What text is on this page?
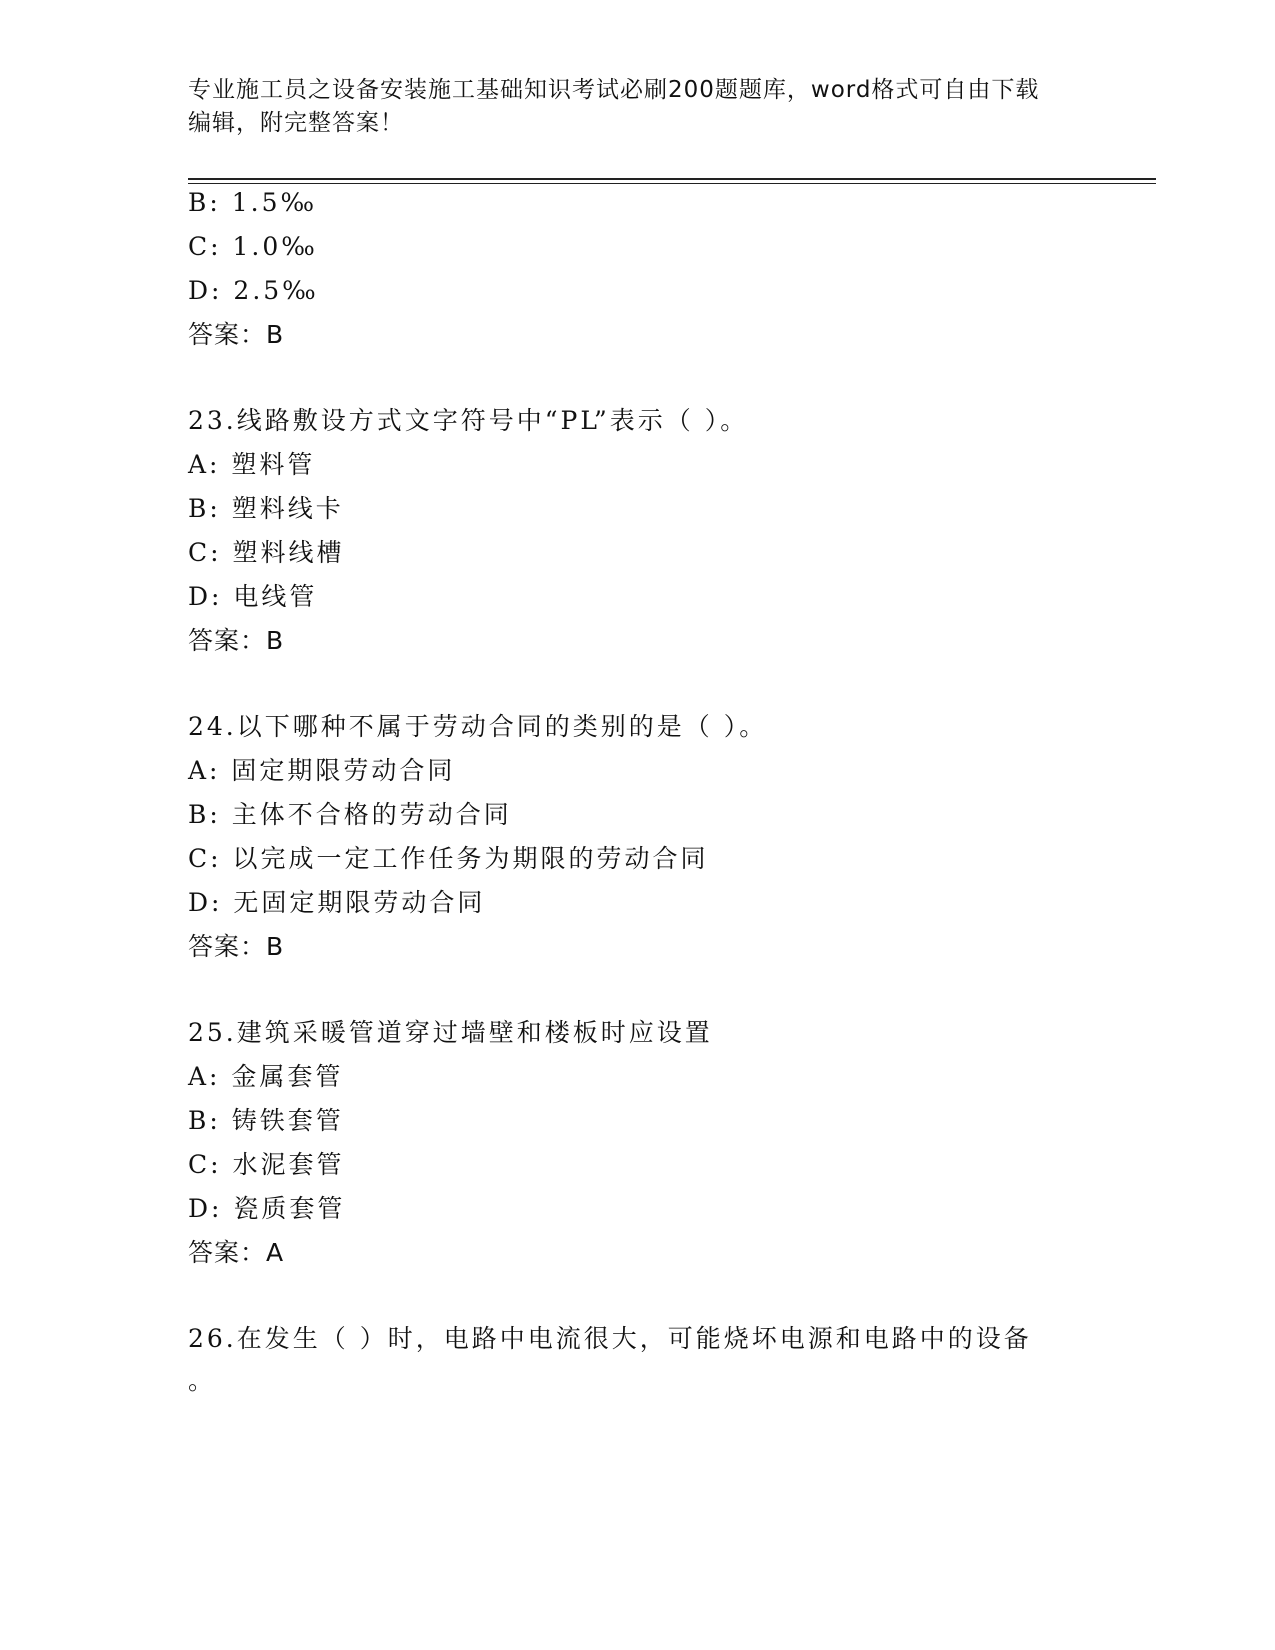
专业施工员之设备安装施工基础知识考试必刷200题题库，word格式可自由下载
编辑，附完整答案！
B: 1.5‰
C: 1.0‰
D: 2.5‰
答案：B
23.线路敷设方式文字符号中“PL”表示（ ）。
A: 塑料管
B: 塑料线卡
C: 塑料线槽
D: 电线管
答案：B
24.以下哪种不属于劳动合同的类别的是（ ）。
A: 固定期限劳动合同
B: 主体不合格的劳动合同
C: 以完成一定工作任务为期限的劳动合同
D: 无固定期限劳动合同
答案：B
25.建筑采暖管道穿过墙壁和楼板时应设置
A: 金属套管
B: 铸铁套管
C: 水泥套管
D: 瓷质套管
答案：A
26.在发生（ ）时，电路中电流很大，可能烧坏电源和电路中的设备
。
